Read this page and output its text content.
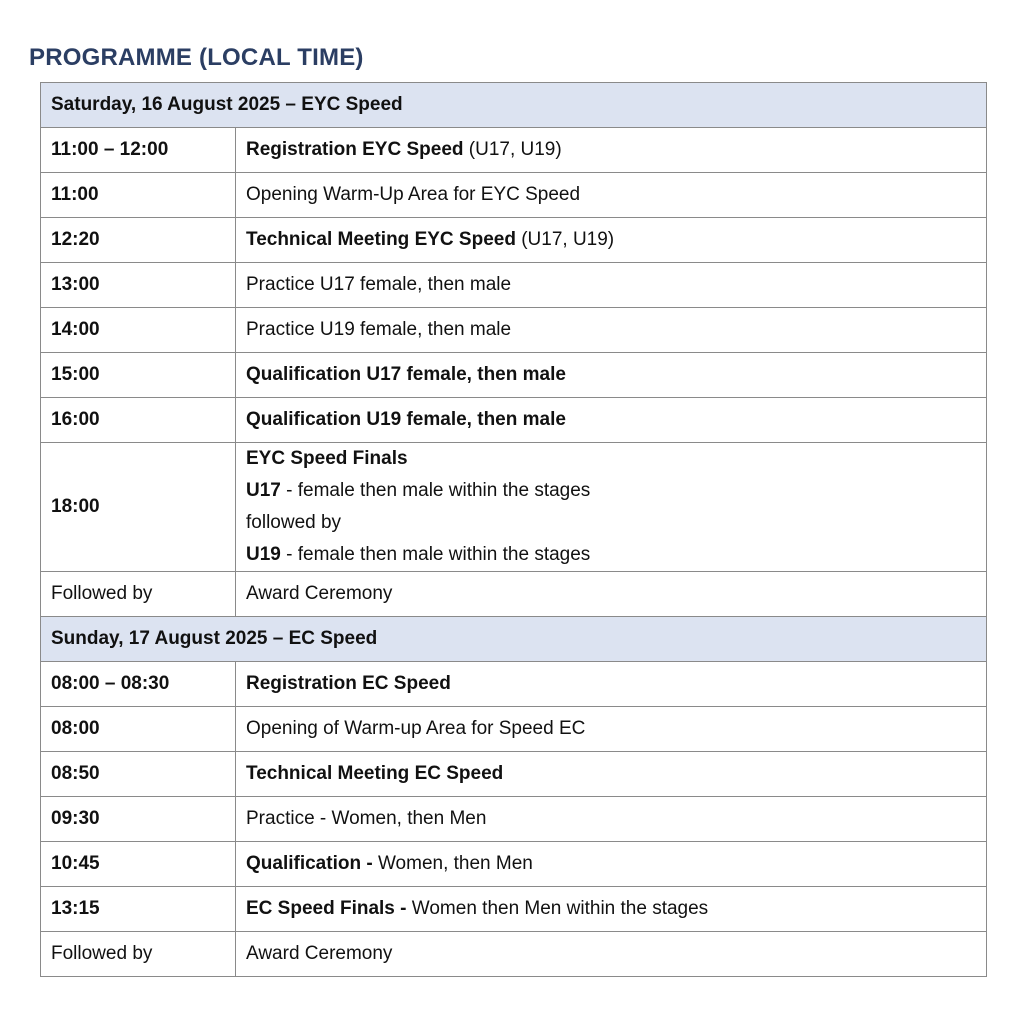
PROGRAMME (LOCAL TIME)
Saturday, 16 August 2025 – EYC Speed	
11:00 – 12:00	Registration EYC Speed (U17, U19)
11:00	Opening Warm-Up Area for EYC Speed
12:20	Technical Meeting EYC Speed (U17, U19)
13:00	Practice U17 female, then male
14:00	Practice U19 female, then male
15:00	Qualification U17 female, then male
16:00	Qualification U19 female, then male
18:00	EYC Speed Finals
U17 - female then male within the stages
followed by
U19 - female then male within the stages

Followed by	Award Ceremony
Sunday, 17 August 2025 – EC Speed	
08:00 – 08:30	Registration EC Speed
08:00	Opening of Warm-up Area for Speed EC
08:50	Technical Meeting EC Speed
09:30	Practice - Women, then Men
10:45	Qualification - Women, then Men
13:15	EC Speed Finals - Women then Men within the stages
Followed by	Award Ceremony
